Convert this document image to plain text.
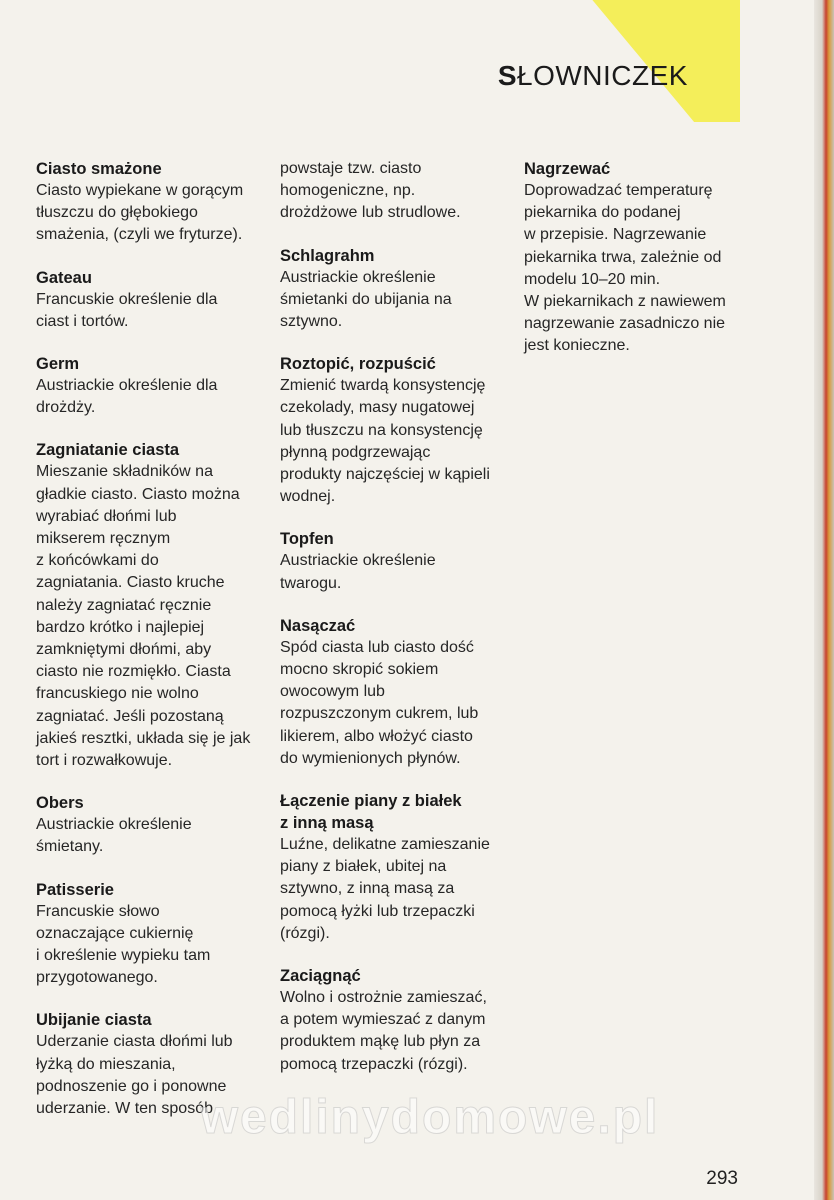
SŁOWNICZEK

Ciasto smażone

Ciasto wypiekane w gorącym
tłuszczu do głębokiego
smażenia, (czyli we fryturze).

Gateau

Francuskie określenie dla
ciast i tortów.

Germ

Austriackie określenie dla
drożdży.

Zagniatanie ciasta

Mieszanie składników na
gładkie ciasto. Ciasto można
wyrabiać dłońmi lub
mikserem ręcznym
z końcówkami do
zagniatania. Ciasto kruche
należy zagniatać ręcznie
bardzo krótko i najlepiej
zamkniętymi dłońmi, aby
ciasto nie rozmiękło. Ciasta
francuskiego nie wolno
zagniatać. Jeśli pozostaną
jakieś resztki, układa się je jak
tort i rozwałkowuje.

Obers

Austriackie określenie
śmietany.

Patisserie

Francuskie słowo
oznaczające cukiernię
i określenie wypieku tam
przygotowanego.

Ubijanie ciasta

Uderzanie ciasta dłońmi lub
łyżką do mieszania,
podnoszenie go i ponowne
uderzanie. W ten sposób

powstaje tzw. ciasto
homogeniczne, np.
drożdżowe lub strudlowe.

Schlagrahm

Austriackie określenie
śmietanki do ubijania na
sztywno.

Roztopić, rozpuścić

Zmienić twardą konsystencję
czekolady, masy nugatowej
lub tłuszczu na konsystencję
płynną podgrzewając
produkty najczęściej w kąpieli
wodnej.

Topfen

Austriackie określenie
twarogu.

Nasączać

Spód ciasta lub ciasto dość
mocno skropić sokiem
owocowym lub
rozpuszczonym cukrem, lub
likierem, albo włożyć ciasto
do wymienionych płynów.

Łączenie piany z białek
z inną masą

Luźne, delikatne zamieszanie
piany z białek, ubitej na
sztywno, z inną masą za
pomocą łyżki lub trzepaczki
(rózgi).

Zaciągnąć

Wolno i ostrożnie zamieszać,
a potem wymieszać z danym
produktem mąkę lub płyn za
pomocą trzepaczki (rózgi).

Nagrzewać

Doprowadzać temperaturę
piekarnika do podanej
w przepisie. Nagrzewanie
piekarnika trwa, zależnie od
modelu 10–20 min.
W piekarnikach z nawiewem
nagrzewanie zasadniczo nie
jest konieczne.

wedlinydomowe.pl
293
